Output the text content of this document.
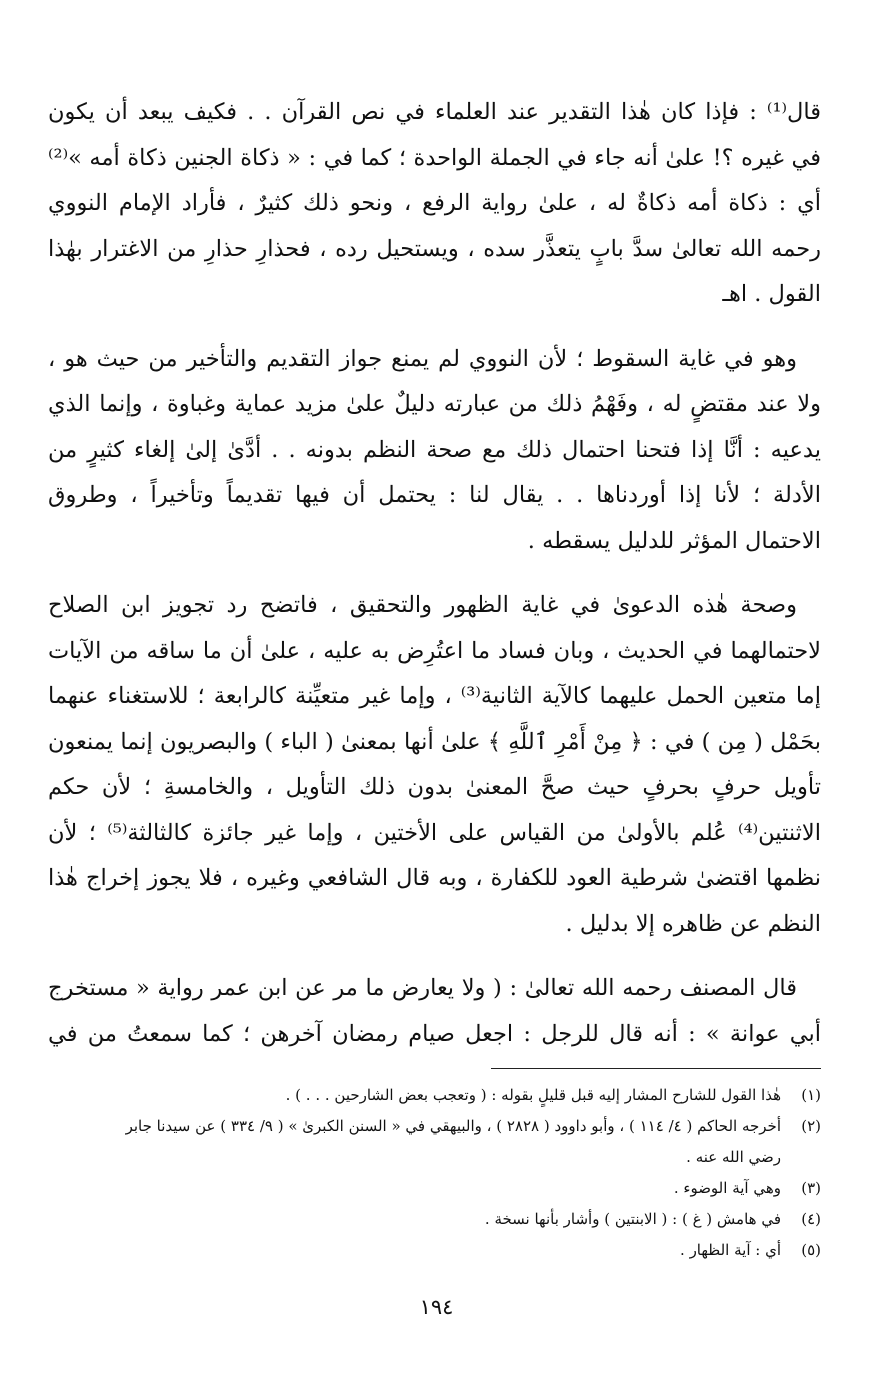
قال⁽¹⁾ : فإذا كان هٰذا التقدير عند العلماء في نص القرآن . . فكيف يبعد أن يكون
في غيره ؟! علىٰ أنه جاء في الجملة الواحدة ؛ كما في : « ذكاة الجنين ذكاة أمه »⁽²⁾
أي : ذكاة أمه ذكاةٌ له ، علىٰ رواية الرفع ، ونحو ذلك كثيرٌ ، فأراد الإمام النووي
رحمه الله تعالىٰ سدَّ بابٍ يتعذَّر سده ، ويستحيل رده ، فحذارِ حذارِ من الاغترار بهٰذا
القول . اهـ

وهو في غاية السقوط ؛ لأن النووي لم يمنع جواز التقديم والتأخير من حيث هو ،
ولا عند مقتضٍ له ، وفَهْمُ ذلك من عبارته دليلٌ علىٰ مزيد عماية وغباوة ، وإنما الذي
يدعيه : أنَّا إذا فتحنا احتمال ذلك مع صحة النظم بدونه . . أدَّىٰ إلىٰ إلغاء كثيرٍ من
الأدلة ؛ لأنا إذا أوردناها . . يقال لنا : يحتمل أن فيها تقديماً وتأخيراً ، وطروق
الاحتمال المؤثر للدليل يسقطه .

وصحة هٰذه الدعوىٰ في غاية الظهور والتحقيق ، فاتضح رد تجويز ابن الصلاح
لاحتمالهما في الحديث ، وبان فساد ما اعتُرِض به عليه ، علىٰ أن ما ساقه من الآيات
إما متعين الحمل عليهما كالآية الثانية⁽³⁾ ، وإما غير متعيِّنة كالرابعة ؛ للاستغناء عنهما
بحَمْل ( مِن ) في : ﴿ مِنْ أَمْرِ ٱللَّهِ ﴾ علىٰ أنها بمعنىٰ ( الباء ) والبصريون إنما يمنعون
تأويل حرفٍ بحرفٍ حيث صحَّ المعنىٰ بدون ذلك التأويل ، والخامسةِ ؛ لأن حكم
الاثنتين⁽⁴⁾ عُلم بالأولىٰ من القياس على الأختين ، وإما غير جائزة كالثالثة⁽⁵⁾ ؛ لأن
نظمها اقتضىٰ شرطية العود للكفارة ، وبه قال الشافعي وغيره ، فلا يجوز إخراج هٰذا
النظم عن ظاهره إلا بدليل .

قال المصنف رحمه الله تعالىٰ : ( ولا يعارض ما مر عن ابن عمر رواية « مستخرج
أبي عوانة » : أنه قال للرجل : اجعل صيام رمضان آخرهن ؛ كما سمعتُ من في

(١)
هٰذا القول للشارح المشار إليه قبل قليلٍ بقوله : ( وتعجب بعض الشارحين . . . ) .
(٢)
أخرجه الحاكم ( ٤/ ١١٤ ) ، وأبو داوود ( ٢٨٢٨ ) ، والبيهقي في « السنن الكبرىٰ » ( ٩/ ٣٣٤ ) عن سيدنا جابر
رضي الله عنه .
(٣)
وهي آية الوضوء .
(٤)
في هامش ( غ ) : ( الابنتين ) وأشار بأنها نسخة .
(٥)
أي : آية الظهار .
١٩٤
